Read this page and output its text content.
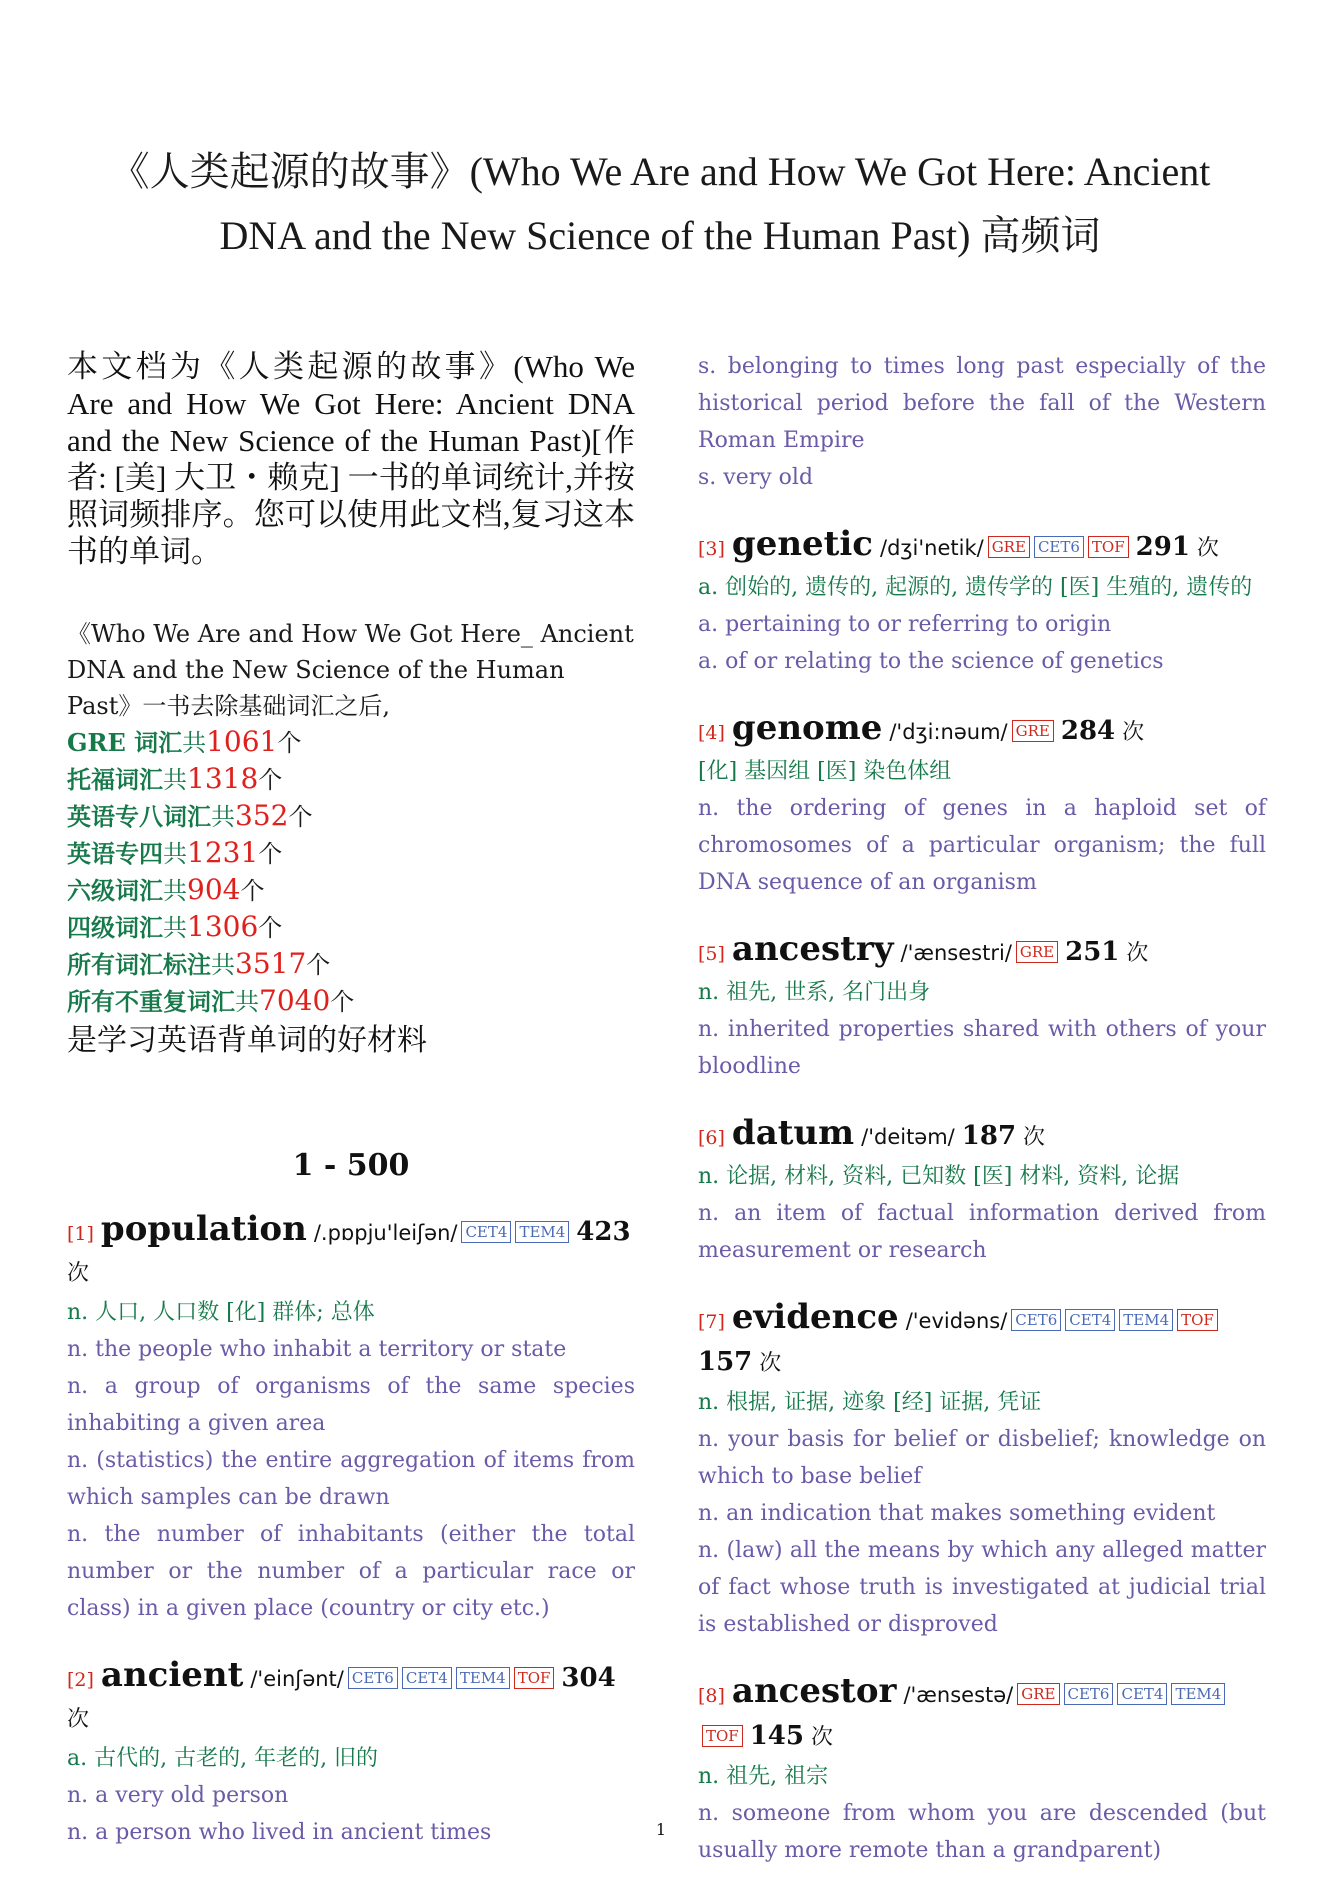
《人类起源的故事》(Who We Are and How We Got Here: Ancient
DNA and the New Science of the Human Past) 高频词

本文档为《人类起源的故事》(Who We Are and How We Got Here: Ancient DNA and the New Science of the Human Past)[作者: [美] 大卫・赖克] 一书的单词统计,并按照词频排序。您可以使用此文档,复习这本书的单词。

《Who We Are and How We Got Here_ Ancient DNA and the New Science of the Human Past》一书去除基础词汇之后,
GRE 词汇共1061个
托福词汇共1318个
英语专八词汇共352个
英语专四共1231个
六级词汇共904个
四级词汇共1306个
所有词汇标注共3517个
所有不重复词汇共7040个
是学习英语背单词的好材料
1 - 500
[1] population /.pɒpju'leiʃən/ CET4 TEM4 423 次
n. 人口, 人口数 [化] 群体; 总体
n. the people who inhabit a territory or state
n. a group of organisms of the same species inhabiting a given area
n. (statistics) the entire aggregation of items from which samples can be drawn
n. the number of inhabitants (either the total number or the number of a particular race or class) in a given place (country or city etc.)
[2] ancient /'einʃənt/ CET6 CET4 TEM4 TOF 304 次
a. 古代的, 古老的, 年老的, 旧的
n. a very old person
n. a person who lived in ancient times
s. belonging to times long past especially of the historical period before the fall of the Western Roman Empire
s. very old
[3] genetic /dʒi'netik/ GRE CET6 TOF 291 次
a. 创始的, 遗传的, 起源的, 遗传学的 [医] 生殖的, 遗传的
a. pertaining to or referring to origin
a. of or relating to the science of genetics
[4] genome /'dʒi:nəum/ GRE 284 次
[化] 基因组 [医] 染色体组
n. the ordering of genes in a haploid set of chromosomes of a particular organism; the full DNA sequence of an organism
[5] ancestry /'ænsestri/ GRE 251 次
n. 祖先, 世系, 名门出身
n. inherited properties shared with others of your bloodline
[6] datum /'deitəm/ 187 次
n. 论据, 材料, 资料, 已知数 [医] 材料, 资料, 论据
n. an item of factual information derived from measurement or research
[7] evidence /'evidəns/ CET6 CET4 TEM4 TOF 157 次
n. 根据, 证据, 迹象 [经] 证据, 凭证
n. your basis for belief or disbelief; knowledge on which to base belief
n. an indication that makes something evident
n. (law) all the means by which any alleged matter of fact whose truth is investigated at judicial trial is established or disproved
[8] ancestor /'ænsestə/ GRE CET6 CET4 TEM4TOF 145 次
n. 祖先, 祖宗
n. someone from whom you are descended (but usually more remote than a grandparent)
1
